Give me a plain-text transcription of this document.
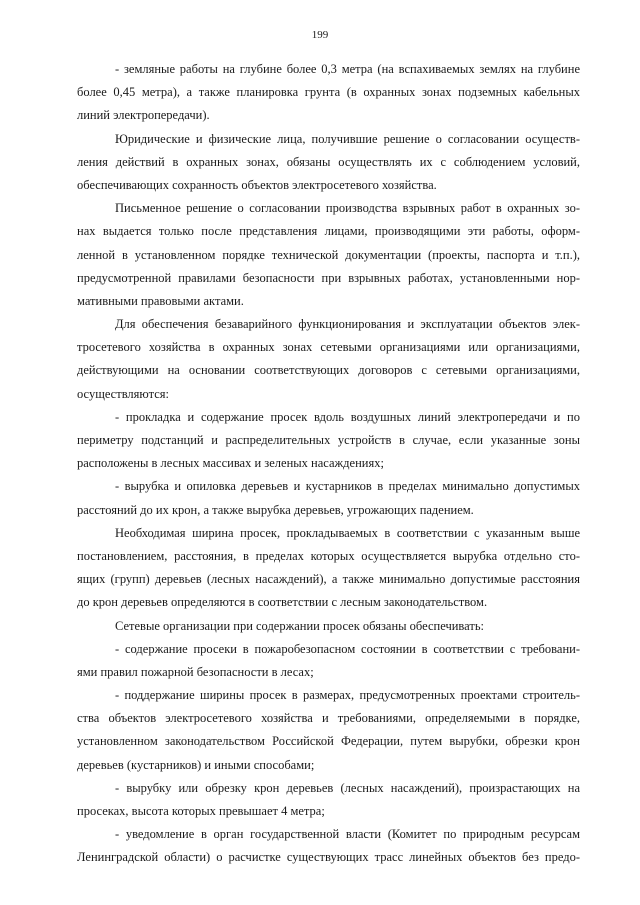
199
- земляные работы на глубине более 0,3 метра (на вспахиваемых землях на глубине
более 0,45 метра), а также планировка грунта (в охранных зонах подземных кабельных
линий электропередачи).
Юридические и физические лица, получившие решение о согласовании осуществ-
ления действий в охранных зонах, обязаны осуществлять их с соблюдением условий,
обеспечивающих сохранность объектов электросетевого хозяйства.
Письменное решение о согласовании производства взрывных работ в охранных зо-
нах выдается только после представления лицами, производящими эти работы, оформ-
ленной в установленном порядке технической документации (проекты, паспорта и т.п.),
предусмотренной правилами безопасности при взрывных работах, установленными нор-
мативными правовыми актами.
Для обеспечения безаварийного функционирования и эксплуатации объектов элек-
тросетевого хозяйства в охранных зонах сетевыми организациями или организациями,
действующими на основании соответствующих договоров с сетевыми организациями,
осуществляются:
- прокладка и содержание просек вдоль воздушных линий электропередачи и по
периметру подстанций и распределительных устройств в случае, если указанные зоны
расположены в лесных массивах и зеленых насаждениях;
- вырубка и опиловка деревьев и кустарников в пределах минимально допустимых
расстояний до их крон, а также вырубка деревьев, угрожающих падением.
Необходимая ширина просек, прокладываемых в соответствии с указанным выше
постановлением, расстояния, в пределах которых осуществляется вырубка отдельно сто-
ящих (групп) деревьев (лесных насаждений), а также минимально допустимые расстояния
до крон деревьев определяются в соответствии с лесным законодательством.
Сетевые организации при содержании просек обязаны обеспечивать:
- содержание просеки в пожаробезопасном состоянии в соответствии с требовани-
ями правил пожарной безопасности в лесах;
- поддержание ширины просек в размерах, предусмотренных проектами строитель-
ства объектов электросетевого хозяйства и требованиями, определяемыми в порядке,
установленном законодательством Российской Федерации, путем вырубки, обрезки крон
деревьев (кустарников) и иными способами;
- вырубку или обрезку крон деревьев (лесных насаждений), произрастающих на
просеках, высота которых превышает 4 метра;
- уведомление в орган государственной власти (Комитет по природным ресурсам
Ленинградской области) о расчистке существующих трасс линейных объектов без предо-
